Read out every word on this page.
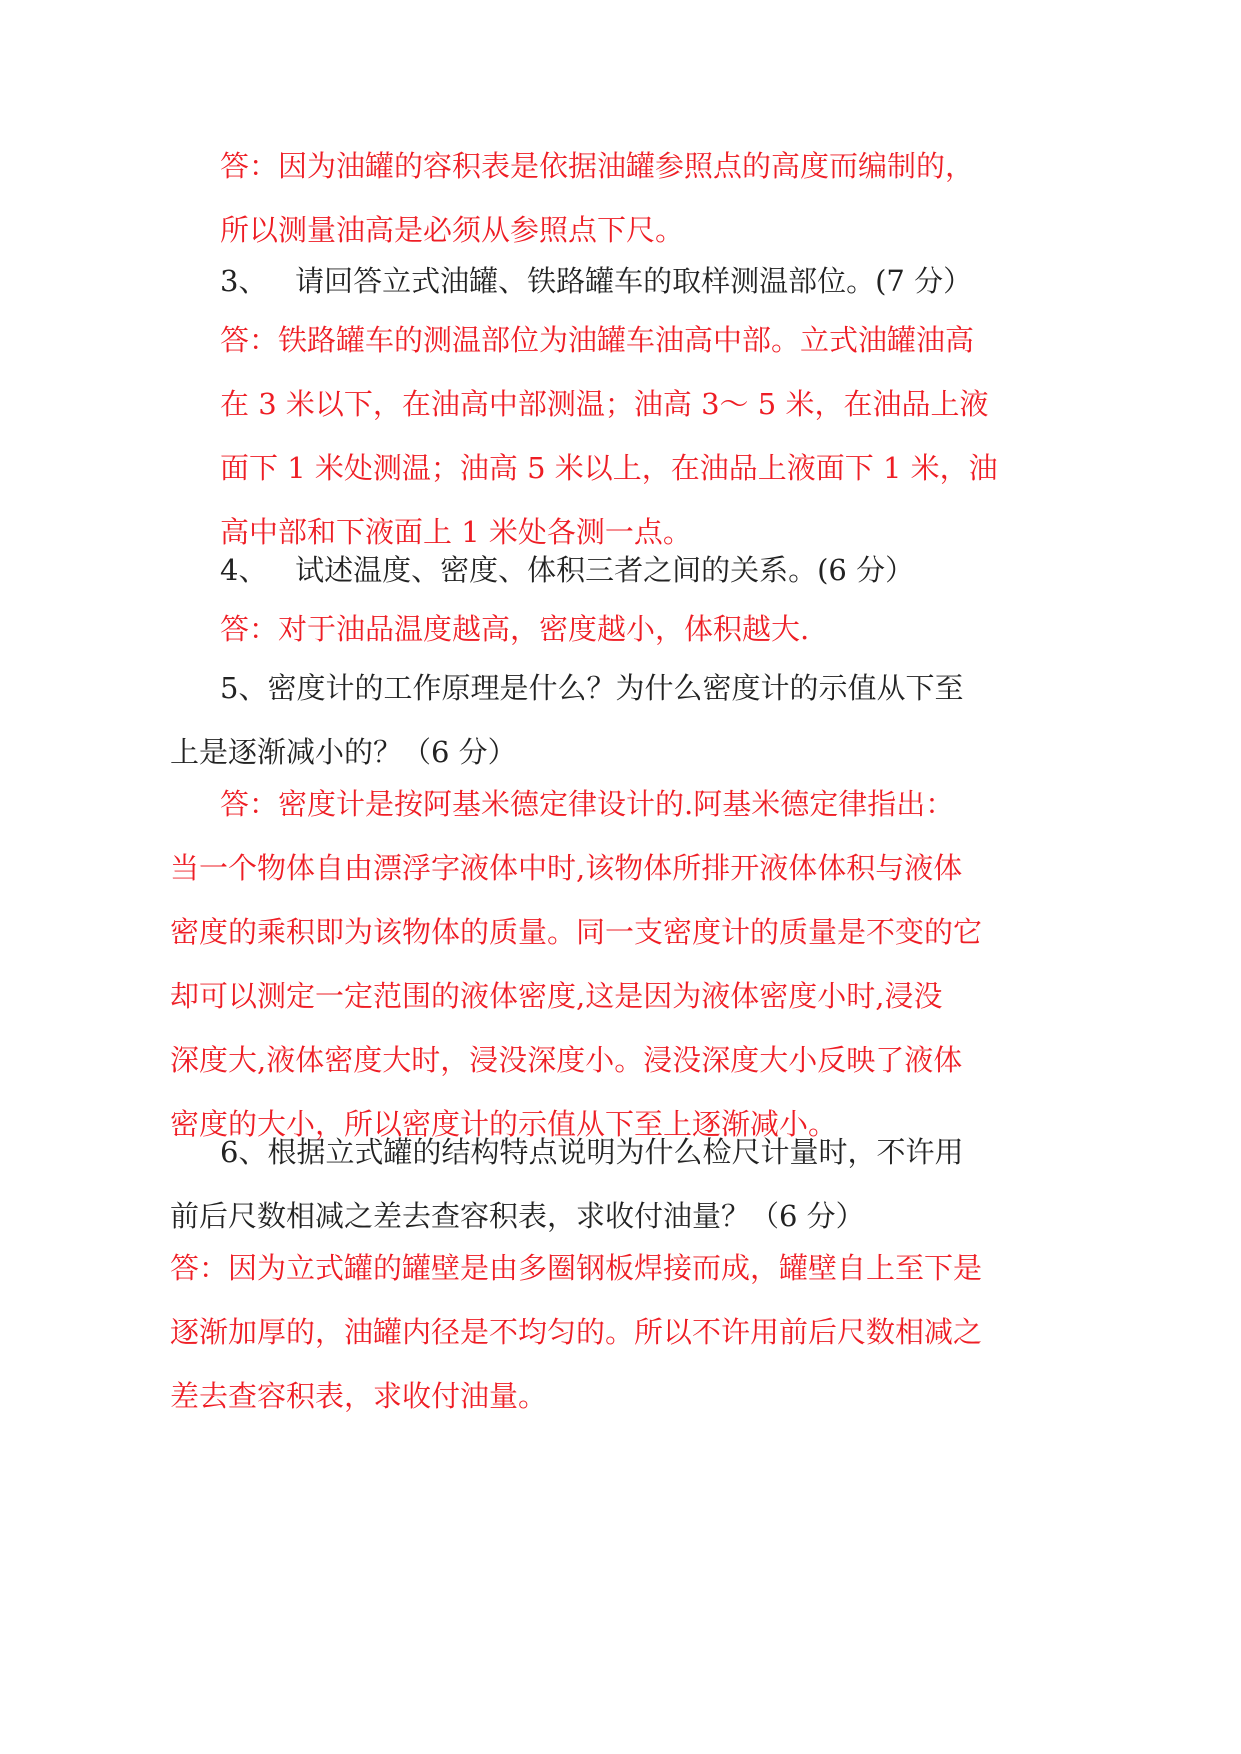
答：因为油罐的容积表是依据油罐参照点的高度而编制的，
所以测量油高是必须从参照点下尺。
3、   请回答立式油罐、铁路罐车的取样测温部位。(7 分）
答：铁路罐车的测温部位为油罐车油高中部。立式油罐油高
在 3 米以下，在油高中部测温；油高 3～ 5 米，在油品上液
面下 1 米处测温；油高 5 米以上，在油品上液面下 1 米，油
高中部和下液面上 1 米处各测一点。
4、   试述温度、密度、体积三者之间的关系。(6 分）
答：对于油品温度越高，密度越小，体积越大.
5、密度计的工作原理是什么？为什么密度计的示值从下至
上是逐渐减小的？（6 分）
答：密度计是按阿基米德定律设计的.阿基米德定律指出：
当一个物体自由漂浮字液体中时,该物体所排开液体体积与液体
密度的乘积即为该物体的质量。同一支密度计的质量是不变的它
却可以测定一定范围的液体密度,这是因为液体密度小时,浸没
深度大,液体密度大时，浸没深度小。浸没深度大小反映了液体
密度的大小，所以密度计的示值从下至上逐渐减小。
6、根据立式罐的结构特点说明为什么检尺计量时，不许用
前后尺数相减之差去查容积表，求收付油量？（6 分）
答：因为立式罐的罐壁是由多圈钢板焊接而成，罐壁自上至下是
逐渐加厚的，油罐内径是不均匀的。所以不许用前后尺数相减之
差去查容积表，求收付油量。
